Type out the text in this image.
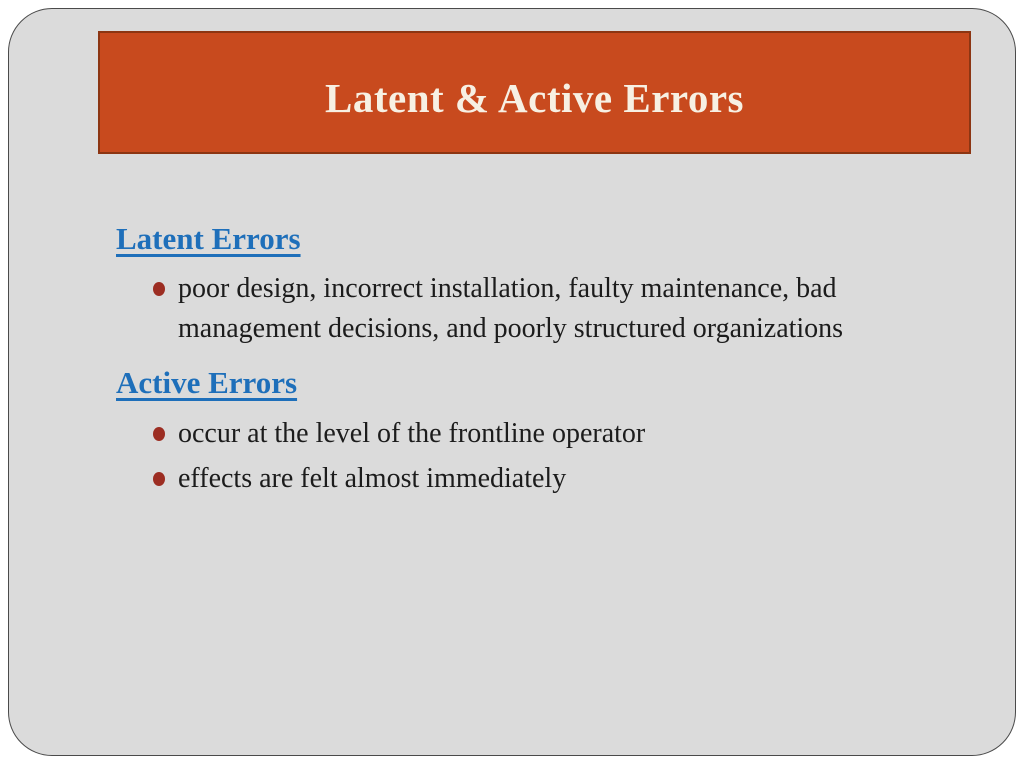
Latent & Active Errors
Latent Errors
poor design, incorrect installation, faulty maintenance, bad management decisions, and poorly structured organizations
Active Errors
occur at the level of the frontline operator
effects are felt almost immediately
